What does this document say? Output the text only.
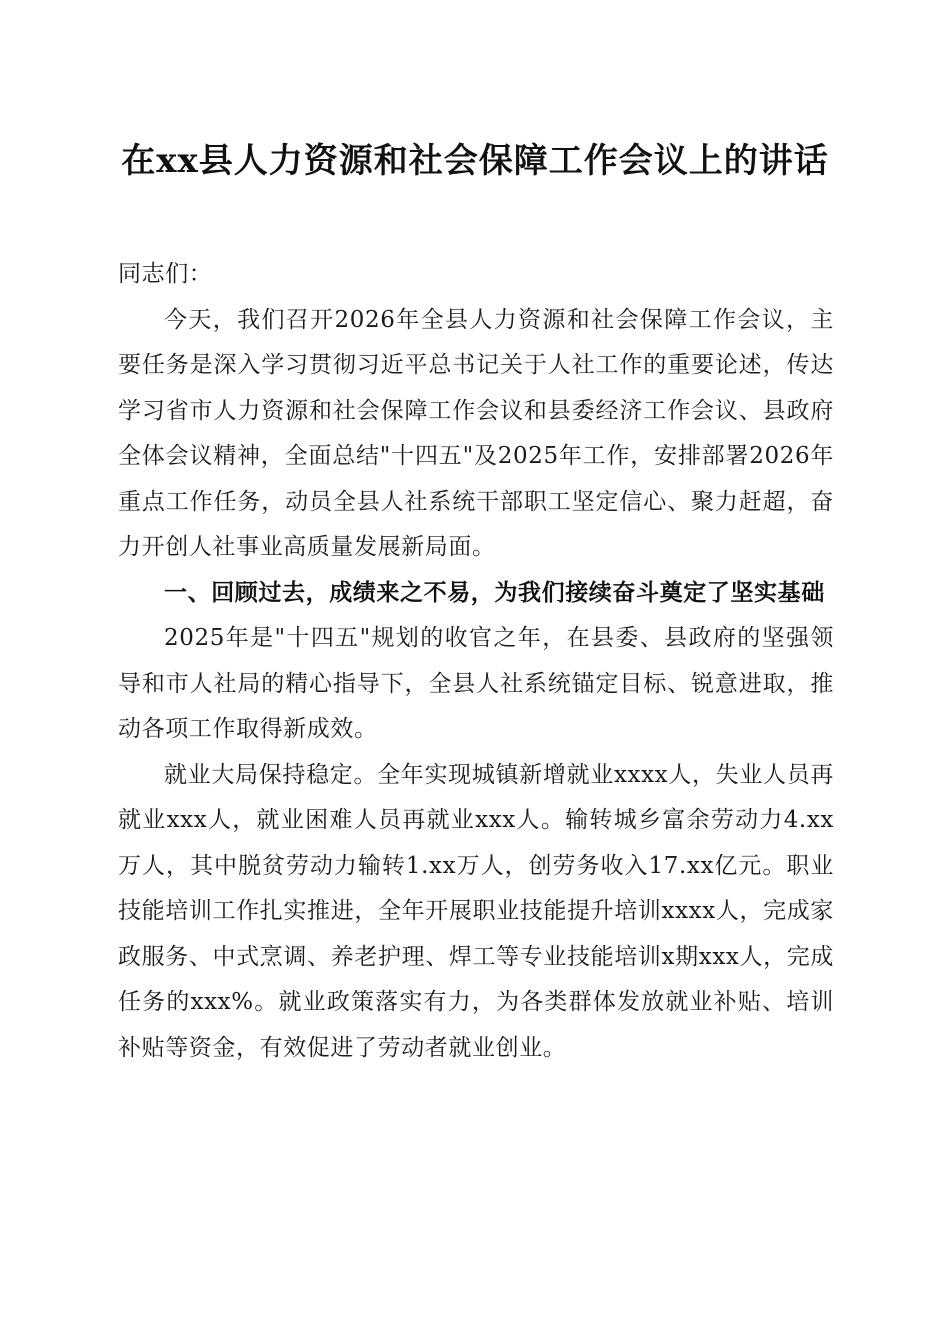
在xx县人力资源和社会保障工作会议上的讲话

同志们：

今天，我们召开2026年全县人力资源和社会保障工作会议，主要任务是深入学习贯彻习近平总书记关于人社工作的重要论述，传达学习省市人力资源和社会保障工作会议和县委经济工作会议、县政府全体会议精神，全面总结"十四五"及2025年工作，安排部署2026年重点工作任务，动员全县人社系统干部职工坚定信心、聚力赶超，奋力开创人社事业高质量发展新局面。

一、回顾过去，成绩来之不易，为我们接续奋斗奠定了坚实基础

2025年是"十四五"规划的收官之年，在县委、县政府的坚强领导和市人社局的精心指导下，全县人社系统锚定目标、锐意进取，推动各项工作取得新成效。

就业大局保持稳定。全年实现城镇新增就业xxxx人，失业人员再就业xxx人，就业困难人员再就业xxx人。输转城乡富余劳动力4.xx万人，其中脱贫劳动力输转1.xx万人，创劳务收入17.xx亿元。职业技能培训工作扎实推进，全年开展职业技能提升培训xxxx人，完成家政服务、中式烹调、养老护理、焊工等专业技能培训x期xxx人，完成任务的xxx%。就业政策落实有力，为各类群体发放就业补贴、培训补贴等资金，有效促进了劳动者就业创业。
